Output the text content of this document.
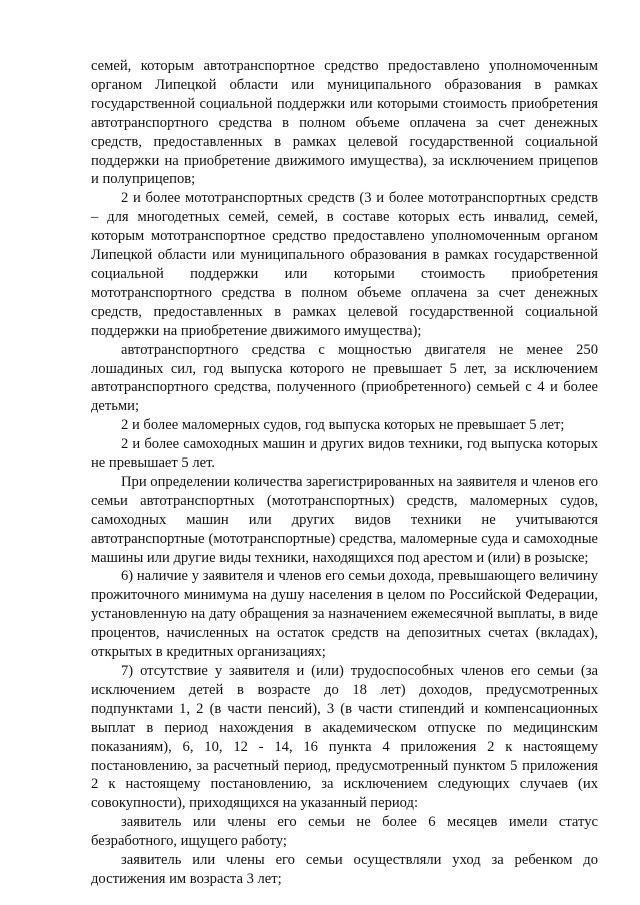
семей, которым автотранспортное средство предоставлено уполномоченным органом Липецкой области или муниципального образования в рамках государственной социальной поддержки или которыми стоимость приобретения автотранспортного средства в полном объеме оплачена за счет денежных средств, предоставленных в рамках целевой государственной социальной поддержки на приобретение движимого имущества), за исключением прицепов и полуприцепов;

2 и более мототранспортных средств (3 и более мототранспортных средств – для многодетных семей, семей, в составе которых есть инвалид, семей, которым мототранспортное средство предоставлено уполномоченным органом Липецкой области или муниципального образования в рамках государственной социальной поддержки или которыми стоимость приобретения мототранспортного средства в полном объеме оплачена за счет денежных средств, предоставленных в рамках целевой государственной социальной поддержки на приобретение движимого имущества);

автотранспортного средства с мощностью двигателя не менее 250 лошадиных сил, год выпуска которого не превышает 5 лет, за исключением автотранспортного средства, полученного (приобретенного) семьей с 4 и более детьми;

2 и более маломерных судов, год выпуска которых не превышает 5 лет;

2 и более самоходных машин и других видов техники, год выпуска которых не превышает 5 лет.

При определении количества зарегистрированных на заявителя и членов его семьи автотранспортных (мототранспортных) средств, маломерных судов, самоходных машин или других видов техники не учитываются автотранспортные (мототранспортные) средства, маломерные суда и самоходные машины или другие виды техники, находящихся под арестом и (или) в розыске;

6) наличие у заявителя и членов его семьи дохода, превышающего величину прожиточного минимума на душу населения в целом по Российской Федерации, установленную на дату обращения за назначением ежемесячной выплаты, в виде процентов, начисленных на остаток средств на депозитных счетах (вкладах), открытых в кредитных организациях;

7) отсутствие у заявителя и (или) трудоспособных членов его семьи (за исключением детей в возрасте до 18 лет) доходов, предусмотренных подпунктами 1, 2 (в части пенсий), 3 (в части стипендий и компенсационных выплат в период нахождения в академическом отпуске по медицинским показаниям), 6, 10, 12 - 14, 16 пункта 4 приложения 2 к настоящему постановлению, за расчетный период, предусмотренный пунктом 5 приложения 2 к настоящему постановлению, за исключением следующих случаев (их совокупности), приходящихся на указанный период:

заявитель или члены его семьи не более 6 месяцев имели статус безработного, ищущего работу;

заявитель или члены его семьи осуществляли уход за ребенком до достижения им возраста 3 лет;
